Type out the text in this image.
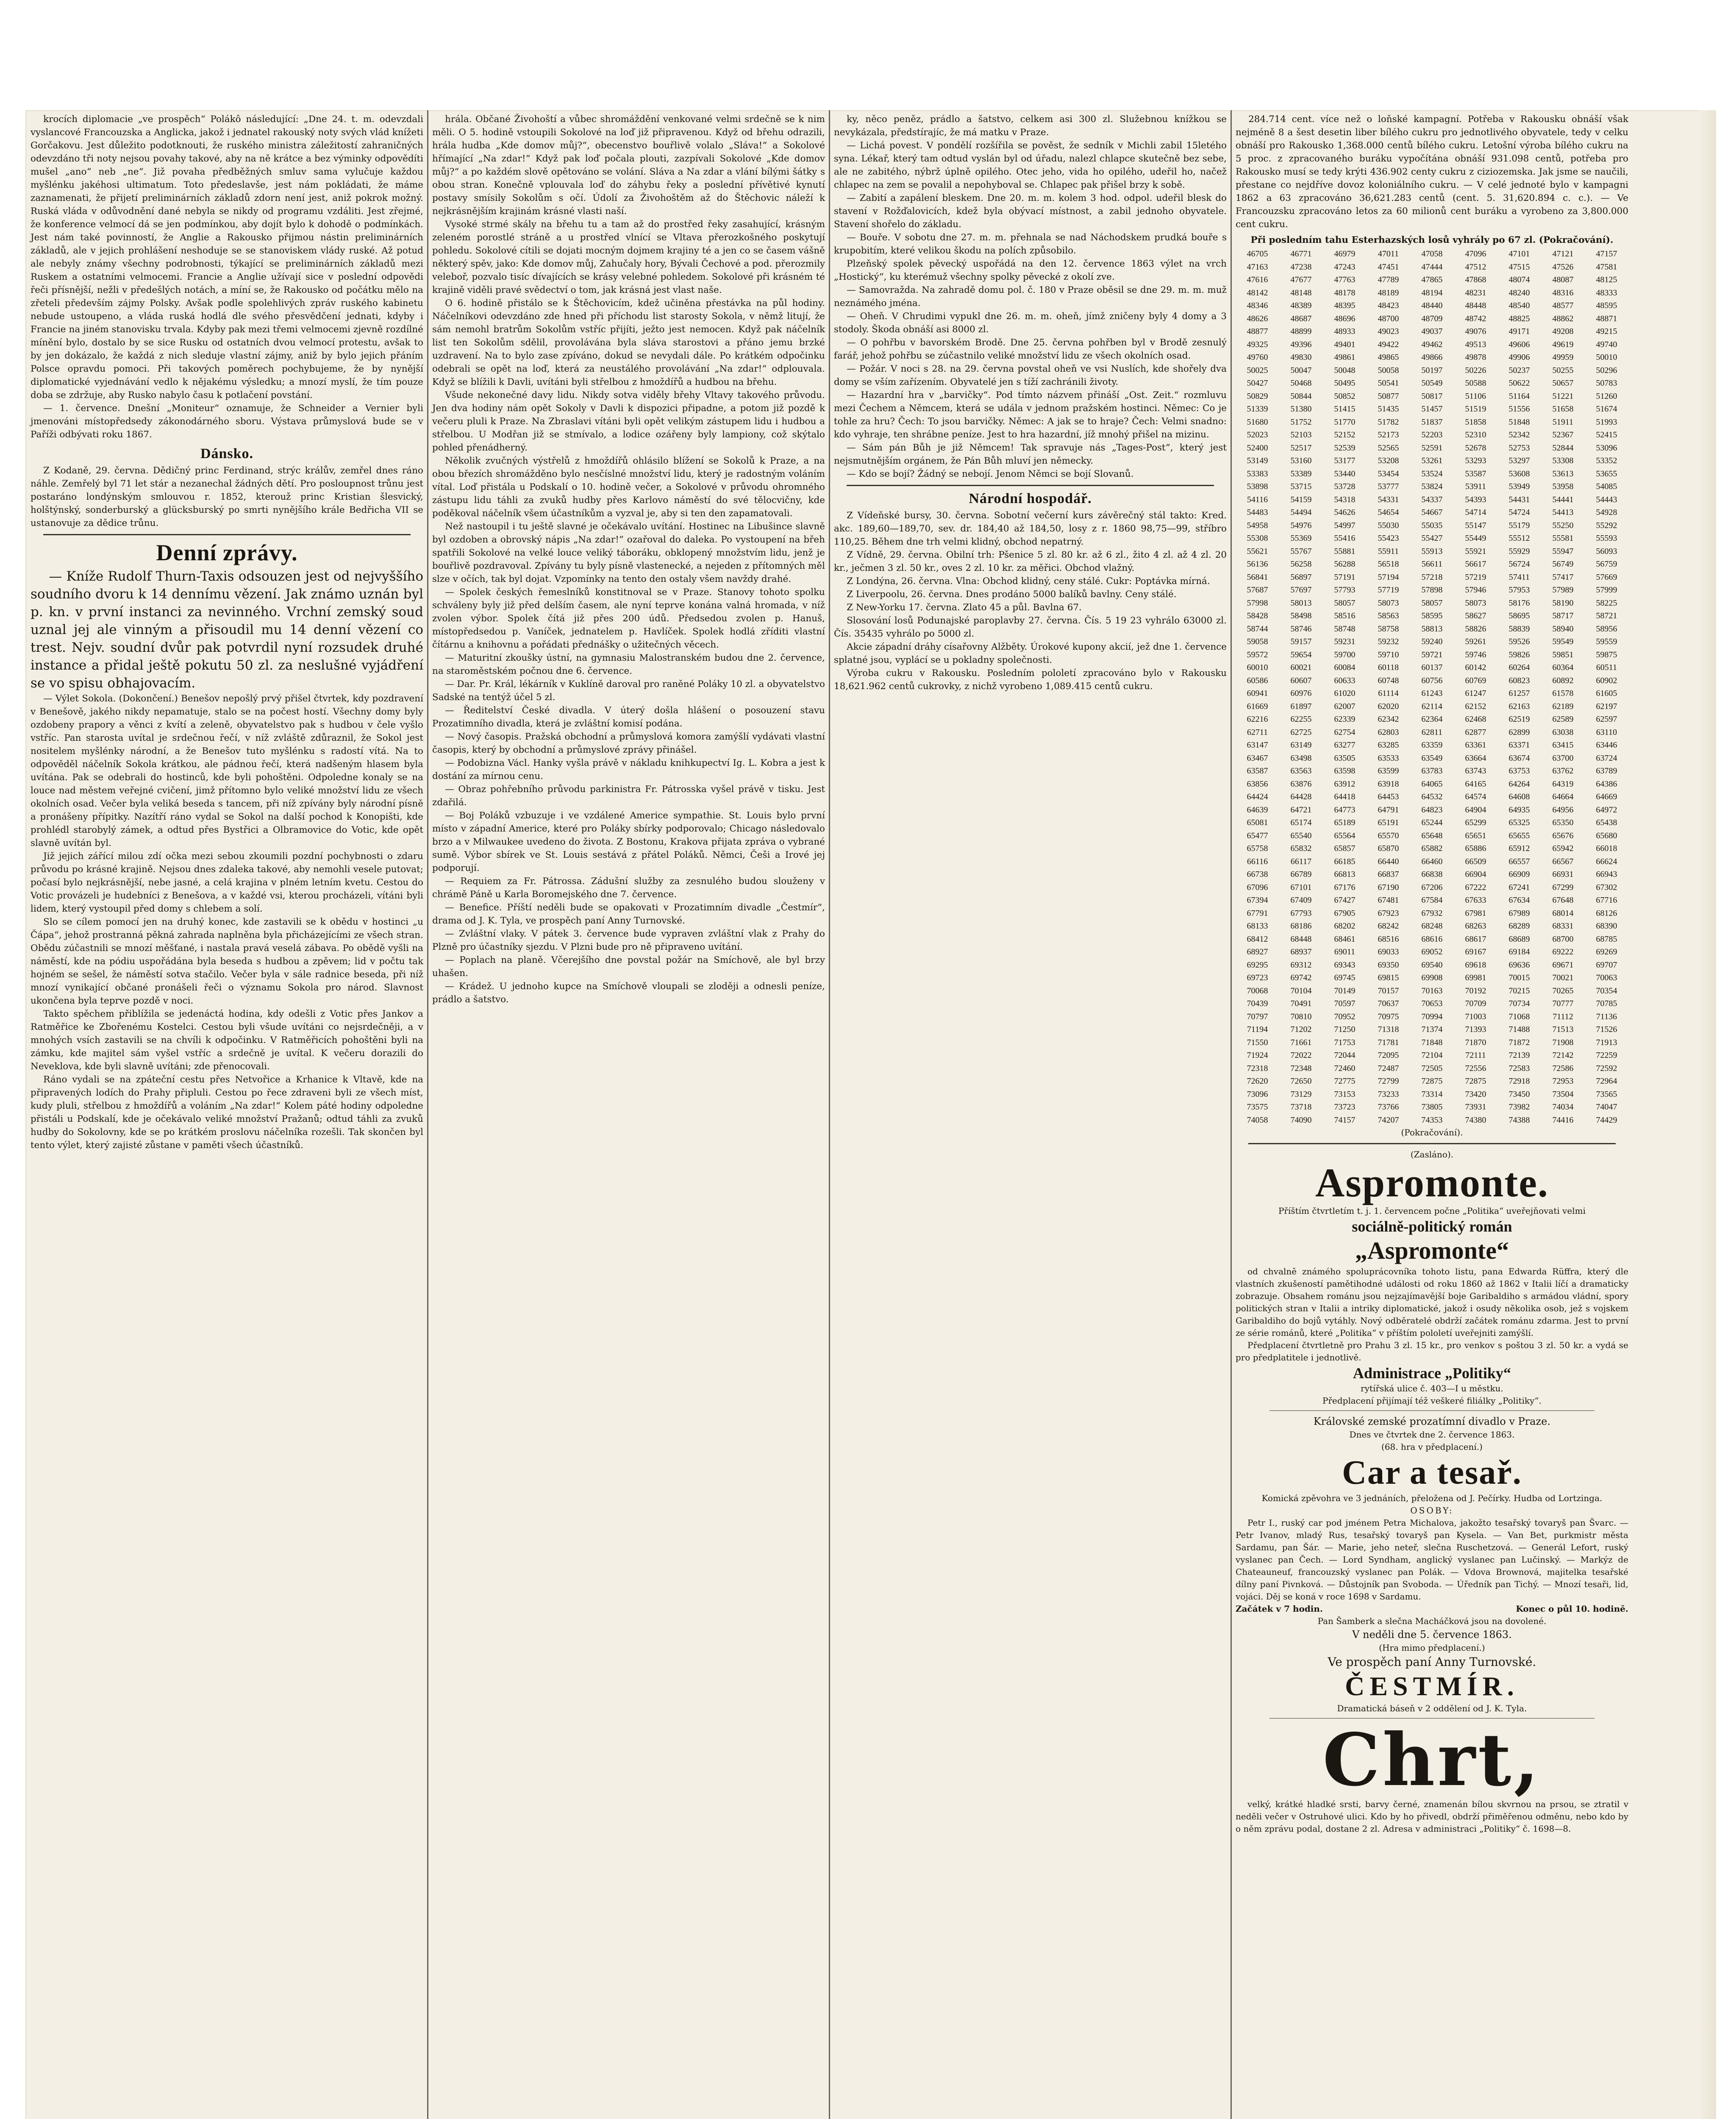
krocích diplomacie „ve prospěch“ Polákô následující: „Dne 24. t. m. odevzdali vyslancové Francouzska a Anglicka, jakož i jednatel rakouský noty svých vlád knížeti Gorčakovu. Jest důležito podotknouti, že ruského ministra záležitostí zahraničných odevzdáno tři noty nejsou povahy takové, aby na ně krátce a bez výminky odpovědíti mušel „ano“ neb „ne“. Již povaha předběžných smluv sama vylučuje každou myšlénku jakéhosi ultimatum. Toto předeslavše, jest nám pokládati, že máme zaznamenati, že přijetí preliminárních základů zdorn není jest, aniž pokrok možný. Ruská vláda v odůvodnění dané nebyla se nikdy od programu vzdáliti. Jest zřejmé, že konference velmocí dá se jen podmínkou, aby dojít bylo k dohodě o podmínkách. Jest nám také povinností, že Anglie a Rakousko přijmou nástin preliminárních základů, ale v jejich prohlášení neshoduje se se stanoviskem vlády ruské. Až potud ale nebyly známy všechny podrobnosti, týkající se preliminárních základů mezi Ruskem a ostatními velmocemi. Francie a Anglie užívají sice v poslední odpovědi řeči přísnější, nežli v předešlých notách, a míní se, že Rakousko od počátku mělo na zřeteli především zájmy Polsky. Avšak podle spolehlivých zpráv ruského kabinetu nebude ustoupeno, a vláda ruská hodlá dle svého přesvědčení jednati, kdyby i Francie na jiném stanovisku trvala. Kdyby pak mezi třemi velmocemi zjevně rozdílné mínění bylo, dostalo by se sice Rusku od ostatních dvou velmocí protestu, avšak to by jen dokázalo, že každá z nich sleduje vlastní zájmy, aniž by bylo jejich přáním Polsce opravdu pomoci. Při takových poměrech pochybujeme, že by nynější diplomatické vyjednávání vedlo k nějakému výsledku; a mnozí myslí, že tím pouze doba se zdržuje, aby Rusko nabylo času k potlačení povstání.

— 1. července. Dnešní „Moniteur“ oznamuje, že Schneider a Vernier byli jmenováni místopředsedy zákonodárného sboru. Výstava průmyslová bude se v Paříži odbývati roku 1867.

Dánsko.

Z Kodaně, 29. června. Dědičný princ Ferdinand, strýc králův, zemřel dnes ráno náhle. Zemřelý byl 71 let stár a nezanechal žádných dětí. Pro posloupnost trůnu jest postaráno londýnským smlouvou r. 1852, kterouž princ Kristian šlesvický, holštýnský, sonderburský a glücksburský po smrti nynějšího krále Bedřicha VII se ustanovuje za dědice trůnu.

Denní zprávy.

— Kníže Rudolf Thurn-Taxis odsouzen jest od nejvyššího soudního dvoru k 14 dennímu vězení. Jak známo uznán byl p. kn. v první instanci za nevinného. Vrchní zemský soud uznal jej ale vinným a přisoudil mu 14 denní vězení co trest. Nejv. soudní dvůr pak potvrdil nyní rozsudek druhé instance a přidal ještě pokutu 50 zl. za neslušné vyjádření se vo spisu obhajovacím.

— Výlet Sokola. (Dokončení.) Benešov nepošlý prvý přišel čtvrtek, kdy pozdravení v Benešově, jakého nikdy nepamatuje, stalo se na počest hostí. Všechny domy byly ozdobeny prapory a věnci z kvítí a zeleně, obyvatelstvo pak s hudbou v čele vyšlo vstříc. Pan starosta uvítal je srdečnou řečí, v níž zvláště zdůraznil, že Sokol jest nositelem myšlénky národní, a že Benešov tuto myšlénku s radostí vítá. Na to odpověděl náčelník Sokola krátkou, ale pádnou řečí, která nadšeným hlasem byla uvítána. Pak se odebrali do hostinců, kde byli pohoštěni. Odpoledne konaly se na louce nad městem veřejné cvičení, jimž přítomno bylo veliké množství lidu ze všech okolních osad. Večer byla veliká beseda s tancem, při níž zpívány byly národní písně a pronášeny přípitky. Nazítří ráno vydal se Sokol na další pochod k Konopišti, kde prohlédl starobylý zámek, a odtud přes Bystřici a Olbramovice do Votic, kde opět slavně uvítán byl.

Již jejich zářící milou zdí očka mezi sebou zkoumili pozdní pochybnosti o zdaru průvodu po krásné krajině. Nejsou dnes zdaleka takové, aby nemohli vesele putovat; počasí bylo nejkrásnější, nebe jasné, a celá krajina v plném letním kvetu. Cestou do Votic provázeli je hudebníci z Benešova, a v každé vsi, kterou procházeli, vítáni byli lidem, který vystoupil před domy s chlebem a solí.

Slo se cílem pomocí jen na druhý konec, kde zastavili se k obědu v hostinci „u Čápa“, jehož prostranná pěkná zahrada naplněna byla přicházejícími ze všech stran. Obědu zúčastnili se mnozí měšťané, i nastala pravá veselá zábava. Po obědě vyšli na náměstí, kde na pódiu uspořádána byla beseda s hudbou a zpěvem; lid v počtu tak hojném se sešel, že náměstí sotva stačilo. Večer byla v sále radnice beseda, při níž mnozí vynikající občané pronášeli řeči o významu Sokola pro národ. Slavnost ukončena byla teprve pozdě v noci.

Takto spěchem přiblížila se jedenáctá hodina, kdy odešli z Votic přes Jankov a Ratměřice ke Zbořenému Kostelci. Cestou byli všude uvítáni co nejsrdečněji, a v mnohých vsích zastavili se na chvíli k odpočinku. V Ratměřicích pohoštěni byli na zámku, kde majitel sám vyšel vstříc a srdečně je uvítal. K večeru dorazili do Neveklova, kde byli slavně uvítáni; zde přenocovali.

Ráno vydali se na zpáteční cestu přes Netvořice a Krhanice k Vltavě, kde na připravených lodích do Prahy připluli. Cestou po řece zdraveni byli ze všech míst, kudy pluli, střelbou z hmoždířů a voláním „Na zdar!“ Kolem páté hodiny odpoledne přistáli u Podskalí, kde je očekávalo veliké množství Pražanů; odtud táhli za zvuků hudby do Sokolovny, kde se po krátkém proslovu náčelníka rozešli. Tak skončen byl tento výlet, který zajisté zůstane v paměti všech účastníků.

hrála. Občané Živohoští a vůbec shromáždění venkované velmi srdečně se k nim měli. O 5. hodině vstoupili Sokolové na loď již připravenou. Když od břehu odrazili, hrála hudba „Kde domov můj?“, obecenstvo bouřlivě volalo „Sláva!“ a Sokolové hřímající „Na zdar!“ Když pak loď počala plouti, zazpívali Sokolové „Kde domov můj?“ a po každém slově opětováno se volání. Sláva a Na zdar a vlání bílými šátky s obou stran. Konečně vplouvala loď do záhybu řeky a poslední přívětivé kynutí postavy smísily Sokolům s očí. Údolí za Živohoštěm až do Štěchovic náleží k nejkrásnějším krajinám krásné vlasti naší.

Vysoké strmé skály na břehu tu a tam až do prostřed řeky zasahující, krásným zeleném porostlé stráně a u prostřed vlnící se Vltava přerozkošného poskytují pohledu. Sokolové cítili se dojati mocným dojmem krajiny té a jen co se časem vášně některý spěv, jako: Kde domov můj, Zahučaly hory, Bývali Čechové a pod. přerozmily veleboř, pozvalo tisíc dívajících se krásy velebné pohledem. Sokolové při krásném té krajině viděli pravé svědectví o tom, jak krásná jest vlast naše.

O 6. hodině přistálo se k Štěchovicím, kdež učiněna přestávka na půl hodiny. Náčelníkovi odevzdáno zde hned při příchodu list starosty Sokola, v němž litují, že sám nemohl bratrům Sokolům vstříc přijíti, ježto jest nemocen. Když pak náčelník list ten Sokolům sdělil, provolávána byla sláva starostovi a přáno jemu brzké uzdravení. Na to bylo zase zpíváno, dokud se nevydali dále. Po krátkém odpočinku odebrali se opět na loď, která za neustálého provolávání „Na zdar!“ odplouvala. Když se blížili k Davli, uvítáni byli střelbou z hmoždířů a hudbou na břehu.

Všude nekonečné davy lidu. Nikdy sotva viděly břehy Vltavy takového průvodu. Jen dva hodiny nám opět Sokoly v Davli k dispozici připadne, a potom již pozdě k večeru pluli k Praze. Na Zbraslavi vítáni byli opět velikým zástupem lidu i hudbou a střelbou. U Modřan již se stmívalo, a lodice ozářeny byly lampiony, což skýtalo pohled přenádherný.

Několik zvučných výstřelů z hmoždířů ohlásilo blížení se Sokolů k Praze, a na obou březích shromážděno bylo nesčíslné množství lidu, který je radostným voláním vítal. Loď přistála u Podskalí o 10. hodině večer, a Sokolové v průvodu ohromného zástupu lidu táhli za zvuků hudby přes Karlovo náměstí do své tělocvičny, kde poděkoval náčelník všem účastníkům a vyzval je, aby si ten den zapamatovali.

Než nastoupil i tu ještě slavné je očekávalo uvítání. Hostinec na Libušince slavně byl ozdoben a obrovský nápis „Na zdar!“ ozařoval do daleka. Po vystoupení na břeh spatřili Sokolové na velké louce veliký táboráku, obklopený množstvím lidu, jenž je bouřlivě pozdravoval. Zpívány tu byly písně vlastenecké, a nejeden z přítomných měl slze v očích, tak byl dojat. Vzpomínky na tento den ostaly všem navždy drahé.

— Spolek českých řemeslníků konstitnoval se v Praze. Stanovy tohoto spolku schváleny byly již před delším časem, ale nyní teprve konána valná hromada, v níž zvolen výbor. Spolek čítá již přes 200 údů. Předsedou zvolen p. Hanuš, místopředsedou p. Vaníček, jednatelem p. Havlíček. Spolek hodlá zříditi vlastní čítárnu a knihovnu a pořádati přednášky o užitečných věcech.

— Maturitní zkoušky ústní, na gymnasiu Malostranském budou dne 2. července, na staroměstském počnou dne 6. července.

— Dar. Pr. Král, lékárník v Kuklíně daroval pro raněné Poláky 10 zl. a obyvatelstvo Sadské na tentýž účel 5 zl.

— Ředitelství České divadla. V úterý došla hlášení o posouzení stavu Prozatimního divadla, která je zvláštní komisí podána.

— Nový časopis. Pražská obchodní a průmyslová komora zamýšlí vydávati vlastní časopis, který by obchodní a průmyslové zprávy přinášel.

— Podobizna Václ. Hanky vyšla právě v nákladu knihkupectví Ig. L. Kobra a jest k dostání za mírnou cenu.

— Obraz pohřebního průvodu parkinistra Fr. Pátrosska vyšel právě v tisku. Jest zdařilá.

— Boj Poláků vzbuzuje i ve vzdálené Americe sympathie. St. Louis bylo první místo v západní Americe, které pro Poláky sbírky podporovalo; Chicago následovalo brzo a v Milwaukee uvedeno do života. Z Bostonu, Krakova přijata zpráva o vybrané sumě. Výbor sbírek ve St. Louis sestává z přátel Poláků. Němci, Češi a Irové jej podporují.

— Requiem za Fr. Pátrossa. Zádušní služby za zesnulého budou slouženy v chrámě Páně u Karla Boromejského dne 7. července.

— Benefice. Příští neděli bude se opakovati v Prozatimním divadle „Čestmír“, drama od J. K. Tyla, ve prospěch paní Anny Turnovské.

— Zvláštní vlaky. V pátek 3. července bude vypraven zvláštní vlak z Prahy do Plzně pro účastníky sjezdu. V Plzni bude pro ně připraveno uvítání.

— Poplach na planě. Včerejšího dne povstal požár na Smíchově, ale byl brzy uhašen.

— Krádež. U jednoho kupce na Smíchově vloupali se zloději a odnesli peníze, prádlo a šatstvo.

ky, něco peněz, prádlo a šatstvo, celkem asi 300 zl. Služebnou knížkou se nevykázala, předstírajíc, že má matku v Praze.

— Lichá povest. V pondělí rozšířila se pověst, že sedník v Michli zabil 15letého syna. Lékař, který tam odtud vyslán byl od úřadu, nalezl chlapce skutečně bez sebe, ale ne zabitého, nýbrž úplně opilého. Otec jeho, vida ho opilého, udeřil ho, načež chlapec na zem se povalil a nepohyboval se. Chlapec pak přišel brzy k sobě.

— Zabití a zapálení bleskem. Dne 20. m. m. kolem 3 hod. odpol. udeřil blesk do stavení v Rožďalovicích, kdež byla obývací místnost, a zabil jednoho obyvatele. Stavení shořelo do základu.

— Bouře. V sobotu dne 27. m. m. přehnala se nad Náchodskem prudká bouře s krupobitím, které velikou škodu na polích způsobilo.

Plzeňský spolek pěvecký uspořádá na den 12. července 1863 výlet na vrch „Hostický“, ku kterémuž všechny spolky pěvecké z okolí zve.

— Samovražda. Na zahradě domu pol. č. 180 v Praze oběsil se dne 29. m. m. muž neznámého jména.

— Oheň. V Chrudimi vypukl dne 26. m. m. oheň, jímž zničeny byly 4 domy a 3 stodoly. Škoda obnáší asi 8000 zl.

— O pohřbu v bavorském Brodě. Dne 25. června pohřben byl v Brodě zesnulý farář, jehož pohřbu se zúčastnilo veliké množství lidu ze všech okolních osad.

— Požár. V noci s 28. na 29. června povstal oheň ve vsi Nuslích, kde shořely dva domy se vším zařízením. Obyvatelé jen s tíží zachránili životy.

— Hazardní hra v „barvičky“. Pod tímto názvem přináší „Ost. Zeit.“ rozmluvu mezi Čechem a Němcem, která se udála v jednom pražském hostinci. Němec: Co je tohle za hru? Čech: To jsou barvičky. Němec: A jak se to hraje? Čech: Velmi snadno: kdo vyhraje, ten shrábne peníze. Jest to hra hazardní, jíž mnohý přišel na mizinu.

— Sám pán Bůh je již Němcem! Tak spravuje nás „Tages-Post“, který jest nejsmutnějším orgánem, že Pán Bůh mluví jen německy.

— Kdo se bojí? Žádný se nebojí. Jenom Němci se bojí Slovanů.

Národní hospodář.

Z Vídeňské bursy, 30. června. Sobotní večerní kurs závěrečný stál takto: Kred. akc. 189,60—189,70, sev. dr. 184,40 až 184,50, losy z r. 1860 98,75—99, stříbro 110,25. Během dne trh velmi klidný, obchod nepatrný.

Z Vídně, 29. června. Obilní trh: Pšenice 5 zl. 80 kr. až 6 zl., žito 4 zl. až 4 zl. 20 kr., ječmen 3 zl. 50 kr., oves 2 zl. 10 kr. za měřici. Obchod vlažný.

Z Londýna, 26. června. Vlna: Obchod klidný, ceny stálé. Cukr: Poptávka mírná.

Z Liverpoolu, 26. června. Dnes prodáno 5000 balíků bavlny. Ceny stálé.

Z New-Yorku 17. června. Zlato 45 a půl. Bavlna 67.

Slosování losů Podunajské paroplavby 27. června. Čís. 5 19 23 vyhrálo 63000 zl. Čís. 35435 vyhrálo po 5000 zl.

Akcie západní dráhy císařovny Alžběty. Úrokové kupony akcií, jež dne 1. července splatné jsou, vyplácí se u pokladny společnosti.

Výroba cukru v Rakousku. Posledním pololetí zpracováno bylo v Rakousku 18,621.962 centů cukrovky, z nichž vyrobeno 1,089.415 centů cukru.

284.714 cent. více než o loňské kampagní. Potřeba v Rakousku obnáší však nejméně 8 a šest desetin liber bílého cukru pro jednotlivého obyvatele, tedy v celku obnáší pro Rakousko 1,368.000 centů bílého cukru. Letošní výroba bílého cukru na 5 proc. z zpracovaného buráku vypočítána obnáší 931.098 centů, potřeba pro Rakousko musí se tedy krýti 436.902 centy cukru z ciziozemska. Jak jsme se naučili, přestane co nejdříve dovoz koloniálního cukru. — V celé jednoté bylo v kampagni 1862 a 63 zpracováno 36,621.283 centů (cent. 5. 31,620.894 c. c.). — Ve Francouzsku zpracováno letos za 60 milionů cent buráku a vyrobeno za 3,800.000 cent cukru.

Při posledním tahu Esterhazských losů vyhrály po 67 zl. (Pokračování).
46705	46771	46979	47011	47058	47096	47101	47121	47157
47163	47238	47243	47451	47444	47512	47515	47526	47581
47616	47677	47763	47789	47865	47868	48074	48087	48125
48142	48148	48178	48189	48194	48231	48240	48316	48333
48346	48389	48395	48423	48440	48448	48540	48577	48595
48626	48687	48696	48700	48709	48742	48825	48862	48871
48877	48899	48933	49023	49037	49076	49171	49208	49215
49325	49396	49401	49422	49462	49513	49606	49619	49740
49760	49830	49861	49865	49866	49878	49906	49959	50010
50025	50047	50048	50058	50197	50226	50237	50255	50296
50427	50468	50495	50541	50549	50588	50622	50657	50783
50829	50844	50852	50877	50817	51106	51164	51221	51260
51339	51380	51415	51435	51457	51519	51556	51658	51674
51680	51752	51770	51782	51837	51858	51848	51911	51993
52023	52103	52152	52173	52203	52310	52342	52367	52415
52400	52517	52539	52565	52591	52678	52753	52844	53096
53149	53160	53177	53208	53261	53293	53297	53308	53352
53383	53389	53440	53454	53524	53587	53608	53613	53655
53898	53715	53728	53777	53824	53911	53949	53958	54085
54116	54159	54318	54331	54337	54393	54431	54441	54443
54483	54494	54626	54654	54667	54714	54724	54413	54928
54958	54976	54997	55030	55035	55147	55179	55250	55292
55308	55369	55416	55423	55427	55449	55512	55581	55593
55621	55767	55881	55911	55913	55921	55929	55947	56093
56136	56258	56288	56518	56611	56617	56724	56749	56759
56841	56897	57191	57194	57218	57219	57411	57417	57669
57687	57697	57793	57719	57898	57946	57953	57989	57999
57998	58013	58057	58073	58057	58073	58176	58190	58225
58428	58498	58516	58563	58595	58627	58695	58717	58721
58744	58746	58748	58758	58813	58826	58839	58940	58956
59058	59157	59231	59232	59240	59261	59526	59549	59559
59572	59654	59700	59710	59721	59746	59826	59851	59875
60010	60021	60084	60118	60137	60142	60264	60364	60511
60586	60607	60633	60748	60756	60769	60823	60892	60902
60941	60976	61020	61114	61243	61247	61257	61578	61605
61669	61897	62007	62020	62114	62152	62163	62189	62197
62216	62255	62339	62342	62364	62468	62519	62589	62597
62711	62725	62754	62803	62811	62877	62899	63038	63110
63147	63149	63277	63285	63359	63361	63371	63415	63446
63467	63498	63505	63533	63549	63664	63674	63700	63724
63587	63563	63598	63599	63783	63743	63753	63762	63789
63856	63876	63912	63918	64065	64165	64264	64319	64386
64424	64428	64418	64453	64532	64574	64608	64664	64669
64639	64721	64773	64791	64823	64904	64935	64956	64972
65081	65174	65189	65191	65244	65299	65325	65350	65438
65477	65540	65564	65570	65648	65651	65655	65676	65680
65758	65832	65857	65870	65882	65886	65912	65942	66018
66116	66117	66185	66440	66460	66509	66557	66567	66624
66738	66789	66813	66837	66838	66904	66909	66931	66943
67096	67101	67176	67190	67206	67222	67241	67299	67302
67394	67409	67427	67481	67584	67633	67634	67648	67716
67791	67793	67905	67923	67932	67981	67989	68014	68126
68133	68186	68202	68242	68248	68263	68289	68331	68390
68412	68448	68461	68516	68616	68617	68689	68700	68785
68927	68937	69011	69033	69052	69167	69184	69222	69269
69295	69312	69343	69350	69540	69618	69636	69671	69707
69723	69742	69745	69815	69908	69981	70015	70021	70063
70068	70104	70149	70157	70163	70192	70215	70265	70354
70439	70491	70597	70637	70653	70709	70734	70777	70785
70797	70810	70952	70975	70994	71003	71068	71112	71136
71194	71202	71250	71318	71374	71393	71488	71513	71526
71550	71661	71753	71781	71848	71870	71872	71908	71913
71924	72022	72044	72095	72104	72111	72139	72142	72259
72318	72348	72460	72487	72505	72556	72583	72586	72592
72620	72650	72775	72799	72875	72875	72918	72953	72964
73096	73129	73153	73233	73314	73420	73450	73504	73565
73575	73718	73723	73766	73805	73931	73982	74034	74047
74058	74090	74157	74207	74353	74380	74388	74416	74429
(Pokračování).
(Zasláno).
Aspromonte.
Příštím čtvrtletím t. j. 1. červencem počne „Politika“ uveřejňovati velmi
sociálně-politický román
„Aspromonte“

od chvalně známého spoluprácovníka tohoto listu, pana Edwarda Rüffra, který dle vlastních zkušeností pamětihodné události od roku 1860 až 1862 v Italii líčí a dramaticky zobrazuje. Obsahem románu jsou nejzajímavější boje Garibaldiho s armádou vládní, spory politických stran v Italii a intriky diplomatické, jakož i osudy několika osob, jež s vojskem Garibaldiho do bojů vytáhly. Nový odběratelé obdrží začátek románu zdarma. Jest to první ze série románů, které „Politika“ v příštím pololetí uveřejniti zamýšlí.

Předplacení čtvrtletně pro Prahu 3 zl. 15 kr., pro venkov s poštou 3 zl. 50 kr. a vydá se pro předplatitele i jednotlivě.

Administrace „Politiky“
rytířská ulice č. 403—I u městku.
Předplacení přijímají též veškeré filiálky „Politiky“.
Královské zemské prozatímní divadlo v Praze.
Dnes ve čtvrtek dne 2. července 1863.
(68. hra v předplacení.)
Car a tesař.
Komická zpěvohra ve 3 jednáních, přeložena od J. Pečírky. Hudba od Lortzinga.
OSOBY:

Petr I., ruský car pod jménem Petra Michalova, jakožto tesařský tovaryš pan Švarc. — Petr Ivanov, mladý Rus, tesařský tovaryš pan Kysela. — Van Bet, purkmistr města Sardamu, pan Šár. — Marie, jeho neteř, slečna Ruschetzová. — Generál Lefort, ruský vyslanec pan Čech. — Lord Syndham, anglický vyslanec pan Lučinský. — Markýz de Chateauneuf, francouzský vyslanec pan Polák. — Vdova Brownová, majitelka tesařské dílny paní Pivnková. — Důstojník pan Svoboda. — Úředník pan Tichý. — Mnozí tesaři, lid, vojáci. Děj se koná v roce 1698 v Sardamu.

Začátek v 7 hodin.	Konec o půl 10. hodině.
Pan Šamberk a slečna Macháčková jsou na dovolené.
V neděli dne 5. července 1863.
(Hra mimo předplacení.)
Ve prospěch paní Anny Turnovské.
ČESTMÍR.
Dramatická báseň v 2 oddělení od J. K. Tyla.
Chrt,

velký, krátké hladké srsti, barvy černé, znamenán bílou skvrnou na prsou, se ztratil v neděli večer v Ostruhové ulici. Kdo by ho přivedl, obdrží přiměřenou odměnu, nebo kdo by o něm zprávu podal, dostane 2 zl. Adresa v administraci „Politiky“ č. 1698—8.
